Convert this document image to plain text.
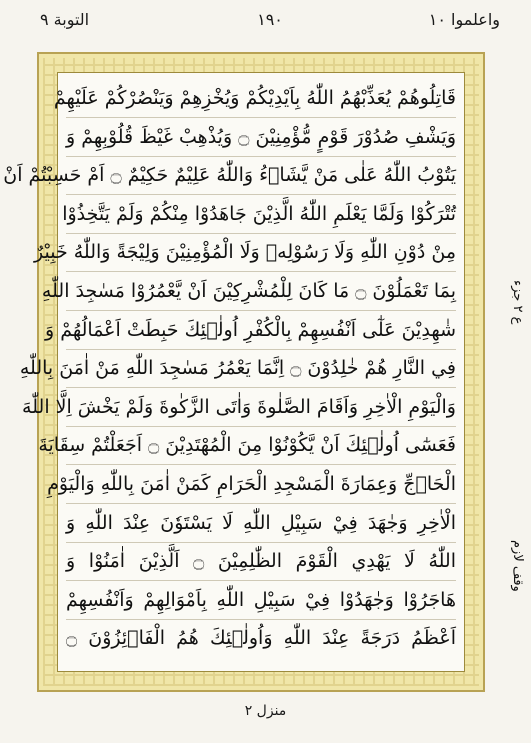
واعلموا ١٠
١٩٠
التوبة ٩
قَاتِلُوهُمْ يُعَذِّبْهُمُ اللّٰهُ بِاَيْدِيْكُمْ وَيُخْزِهِمْ وَيَنْصُرْكُمْ عَلَيْهِمْ
وَيَشْفِ صُدُوْرَ قَوْمٍ مُّؤْمِنِيْنَ ۝ وَيُذْهِبْ غَيْظَ قُلُوْبِهِمْ وَ
يَتُوْبُ اللّٰهُ عَلٰى مَنْ يَّشَاۤءُ وَاللّٰهُ عَلِيْمٌ حَكِيْمٌ ۝ اَمْ حَسِبْتُمْ اَنْ
تُتْرَكُوْا وَلَمَّا يَعْلَمِ اللّٰهُ الَّذِيْنَ جَاهَدُوْا مِنْكُمْ وَلَمْ يَتَّخِذُوْا
مِنْ دُوْنِ اللّٰهِ وَلَا رَسُوْلِهٖ وَلَا الْمُؤْمِنِيْنَ وَلِيْجَةً وَاللّٰهُ خَبِيْرٌ
بِمَا تَعْمَلُوْنَ ۝ مَا كَانَ لِلْمُشْرِكِيْنَ اَنْ يَّعْمُرُوْا مَسٰجِدَ اللّٰهِ
شٰهِدِيْنَ عَلٰٓى اَنْفُسِهِمْ بِالْكُفْرِ اُولٰۤئِكَ حَبِطَتْ اَعْمَالُهُمْ وَ
فِي النَّارِ هُمْ خٰلِدُوْنَ ۝ اِنَّمَا يَعْمُرُ مَسٰجِدَ اللّٰهِ مَنْ اٰمَنَ بِاللّٰهِ
وَالْيَوْمِ الْاٰخِرِ وَاَقَامَ الصَّلٰوةَ وَاٰتَى الزَّكٰوةَ وَلَمْ يَخْشَ اِلَّا اللّٰهَ
فَعَسٰٓى اُولٰۤئِكَ اَنْ يَّكُوْنُوْا مِنَ الْمُهْتَدِيْنَ ۝ اَجَعَلْتُمْ سِقَايَةَ
الْحَاۤجِّ وَعِمَارَةَ الْمَسْجِدِ الْحَرَامِ كَمَنْ اٰمَنَ بِاللّٰهِ وَالْيَوْمِ
الْاٰخِرِ وَجٰهَدَ فِيْ سَبِيْلِ اللّٰهِ لَا يَسْتَوٗنَ عِنْدَ اللّٰهِ وَ
اللّٰهُ لَا يَهْدِي الْقَوْمَ الظّٰلِمِيْنَ ۝ اَلَّذِيْنَ اٰمَنُوْا وَ
هَاجَرُوْا وَجٰهَدُوْا فِيْ سَبِيْلِ اللّٰهِ بِاَمْوَالِهِمْ وَاَنْفُسِهِمْ
اَعْظَمُ دَرَجَةً عِنْدَ اللّٰهِ وَاُولٰۤئِكَ هُمُ الْفَاۤئِزُوْنَ ۝
ع ٢ جزء
وقف لازم
منزل ٢
